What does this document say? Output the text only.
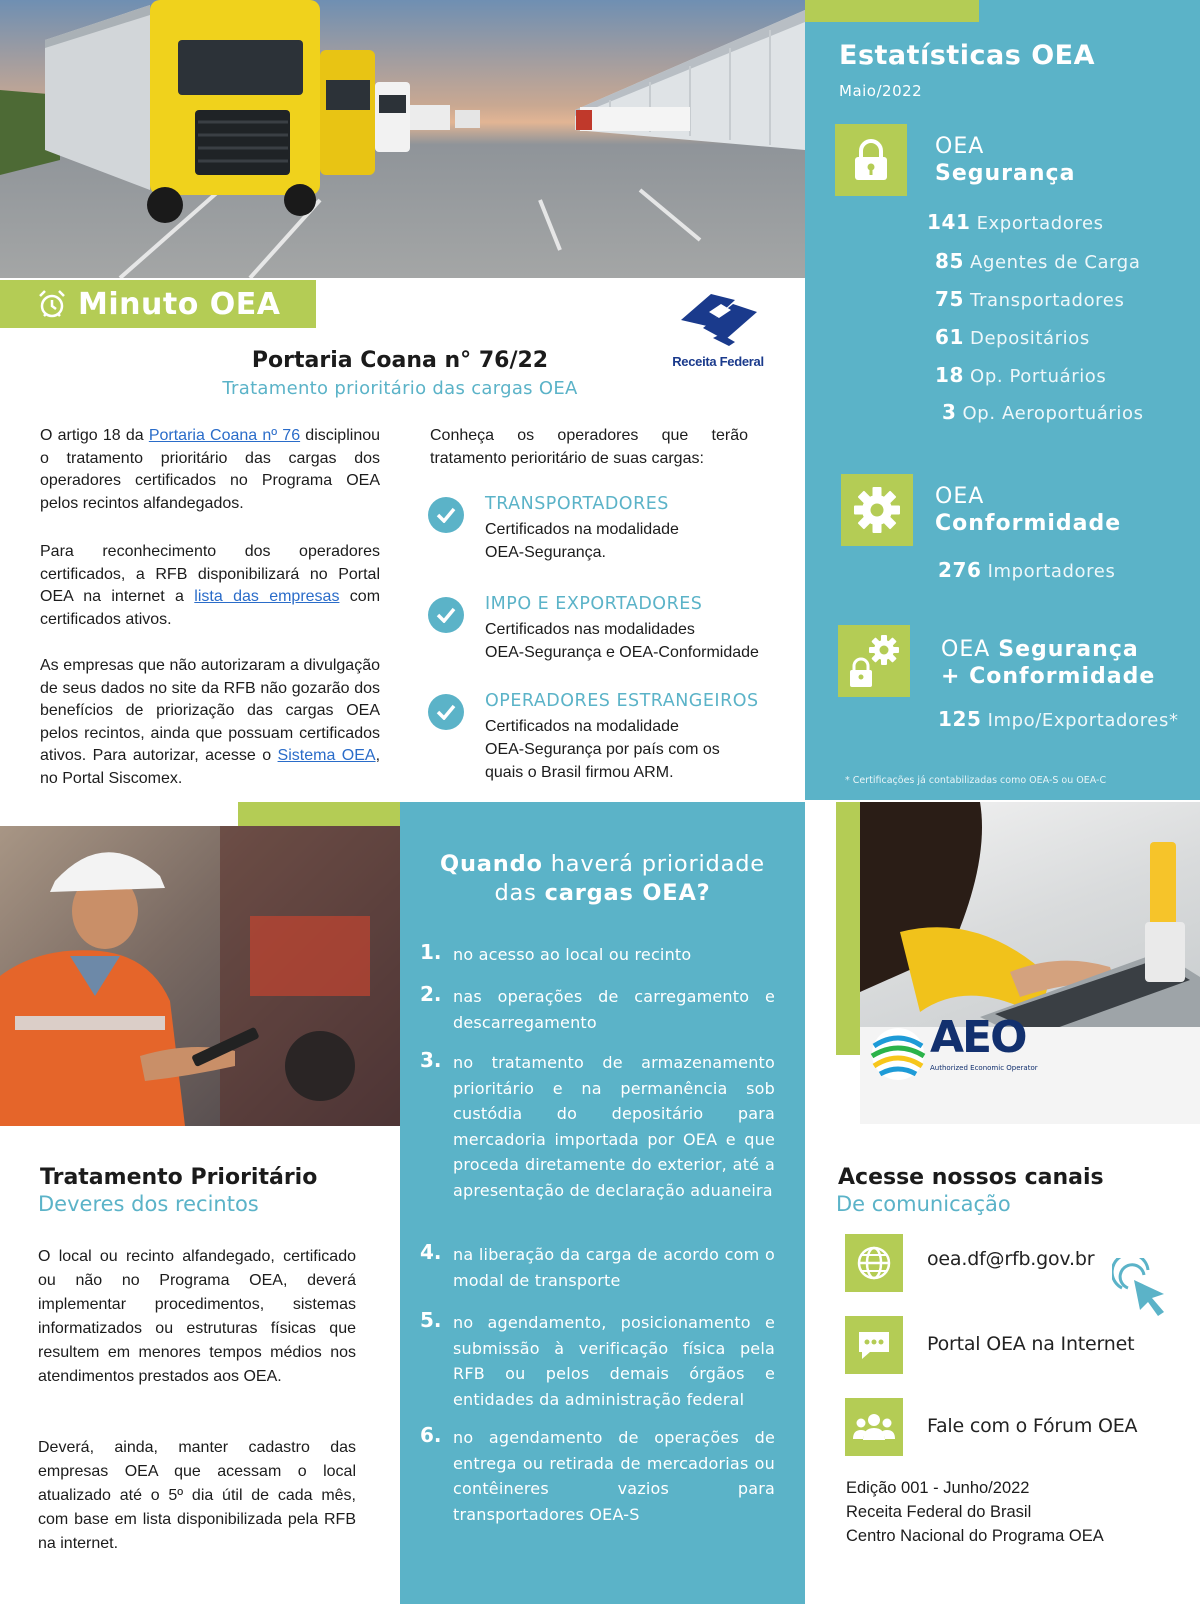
Estatísticas OEA
Maio/2022
OEA
Segurança
141 Exportadores
85 Agentes de Carga
75 Transportadores
61 Depositários
18 Op. Portuários
3 Op. Aeroportuários
OEA
Conformidade
276 Importadores
OEA Segurança
+ Conformidade
125 Impo/Exportadores*
* Certificações já contabilizadas como OEA-S ou OEA-C
Minuto OEA
Receita Federal
Portaria Coana n° 76/22
Tratamento prioritário das cargas OEA
O artigo 18 da Portaria Coana nº 76 disciplinou o tratamento prioritário das cargas dos operadores certificados no Programa OEA pelos recintos alfandegados.
Para reconhecimento dos operadores certificados, a RFB disponibilizará no Portal OEA na internet a lista das empresas com certificados ativos.
As empresas que não autorizaram a divulgação de seus dados no site da RFB não gozarão dos benefícios de priorização das cargas OEA pelos recintos, ainda que possuam certificados ativos. Para autorizar, acesse o Sistema OEA, no Portal Siscomex.
Conheça os operadores que terão tratamento perioritário de suas cargas:
TRANSPORTADORES
Certificados na modalidade
OEA-Segurança.
IMPO E EXPORTADORES
Certificados nas modalidades
OEA-Segurança e OEA-Conformidade
OPERADORES ESTRANGEIROS
Certificados na modalidade
OEA-Segurança por país com os
quais o Brasil firmou ARM.
Quando haverá prioridade
das cargas OEA?
1. no acesso ao local ou recinto
2. nas operações de carregamento e descarregamento
3. no tratamento de armazenamento prioritário e na permanência sob custódia do depositário para mercadoria importada por OEA e que proceda diretamente do exterior, até a apresentação de declaração aduaneira
4. na liberação da carga de acordo com o modal de transporte
5. no agendamento, posicionamento e submissão à verificação física pela RFB ou pelos demais órgãos e entidades da administração federal
6. no agendamento de operações de entrega ou retirada de mercadorias ou contêineres vazios para transportadores OEA-S
AEO
Authorized Economic Operator
Tratamento Prioritário
Deveres dos recintos
O local ou recinto alfandegado, certificado ou não no Programa OEA, deverá implementar procedimentos, sistemas informatizados ou estruturas físicas que resultem em menores tempos médios nos atendimentos prestados aos OEA.
Deverá, ainda, manter cadastro das empresas OEA que acessam o local atualizado até o 5º dia útil de cada mês, com base em lista disponibilizada pela RFB na internet.
Acesse nossos canais
De comunicação
oea.df@rfb.gov.br
Portal OEA na Internet
Fale com o Fórum OEA
Edição 001 - Junho/2022
Receita Federal do Brasil
Centro Nacional do Programa OEA
